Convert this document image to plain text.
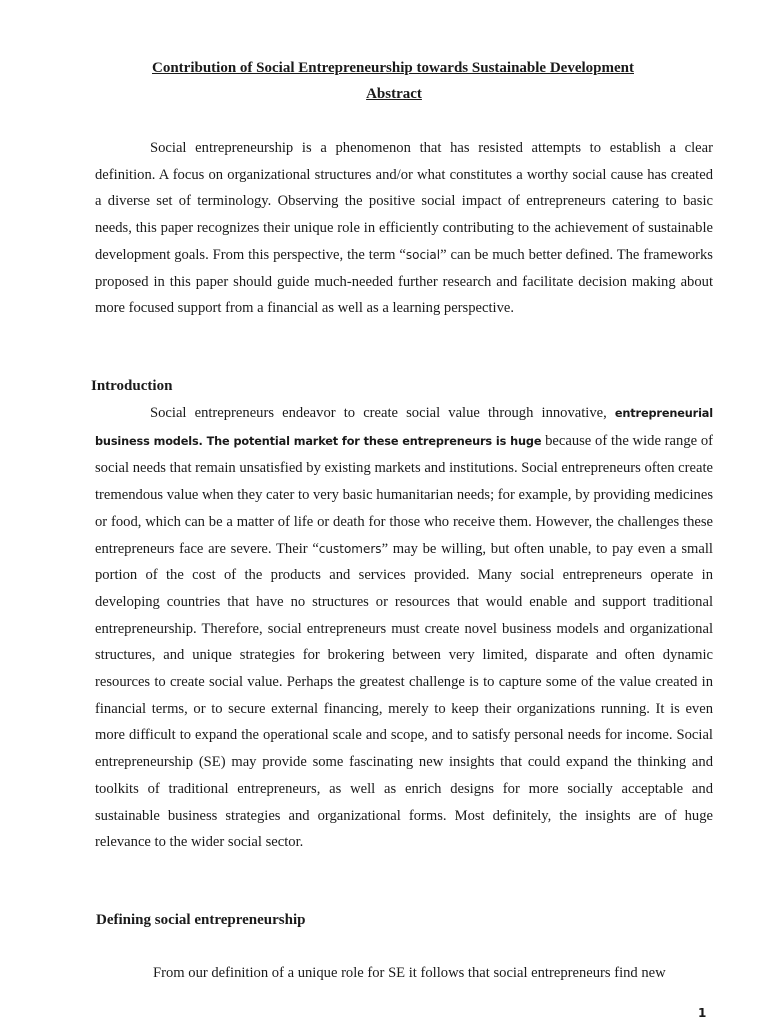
Contribution of Social Entrepreneurship towards Sustainable Development
Abstract
Social entrepreneurship is a phenomenon that has resisted attempts to establish a clear definition. A focus on organizational structures and/or what constitutes a worthy social cause has created a diverse set of terminology. Observing the positive social impact of entrepreneurs catering to basic needs, this paper recognizes their unique role in efficiently contributing to the achievement of sustainable development goals. From this perspective, the term “social” can be much better defined. The frameworks proposed in this paper should guide much-needed further research and facilitate decision making about more focused support from a financial as well as a learning perspective.
Introduction
Social entrepreneurs endeavor to create social value through innovative, entrepreneurial business models. The potential market for these entrepreneurs is huge because of the wide range of social needs that remain unsatisfied by existing markets and institutions. Social entrepreneurs often create tremendous value when they cater to very basic humanitarian needs; for example, by providing medicines or food, which can be a matter of life or death for those who receive them. However, the challenges these entrepreneurs face are severe. Their “customers” may be willing, but often unable, to pay even a small portion of the cost of the products and services provided. Many social entrepreneurs operate in developing countries that have no structures or resources that would enable and support traditional entrepreneurship. Therefore, social entrepreneurs must create novel business models and organizational structures, and unique strategies for brokering between very limited, disparate and often dynamic resources to create social value. Perhaps the greatest challenge is to capture some of the value created in financial terms, or to secure external financing, merely to keep their organizations running. It is even more difficult to expand the operational scale and scope, and to satisfy personal needs for income. Social entrepreneurship (SE) may provide some fascinating new insights that could expand the thinking and toolkits of traditional entrepreneurs, as well as enrich designs for more socially acceptable and sustainable business strategies and organizational forms. Most definitely, the insights are of huge relevance to the wider social sector.
Defining social entrepreneurship
From our definition of a unique role for SE it follows that social entrepreneurs find new
1
